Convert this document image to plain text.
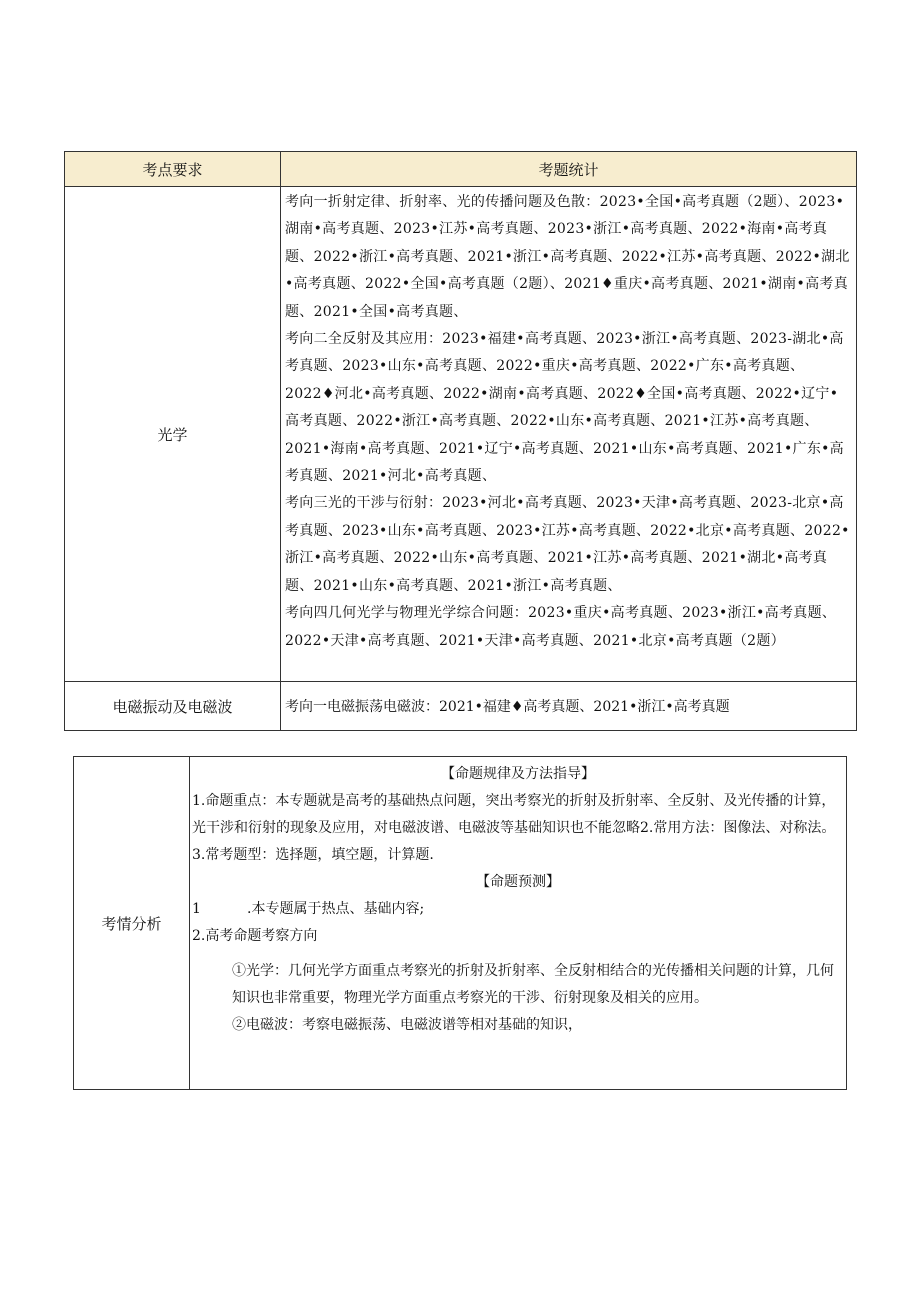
考点要求	考题统计
光学	考向一折射定律、折射率、光的传播问题及色散：2023•全国•高考真题（2题）、2023•湖南•高考真题、2023•江苏•高考真题、2023•浙江•高考真题、2022•海南•高考真题、2022•浙江•高考真题、2021•浙江•高考真题、2022•江苏•高考真题、2022•湖北•高考真题、2022•全国•高考真题（2题）、2021♦重庆•高考真题、2021•湖南•高考真题、2021•全国•高考真题、

考向二全反射及其应用：2023•福建•高考真题、2023•浙江•高考真题、2023-湖北•高考真题、2023•山东•高考真题、2022•重庆•高考真题、2022•广东•高考真题、2022♦河北•高考真题、2022•湖南•高考真题、2022♦全国•高考真题、2022•辽宁•高考真题、2022•浙江•高考真题、2022•山东•高考真题、2021•江苏•高考真题、2021•海南•高考真题、2021•辽宁•高考真题、2021•山东•高考真题、2021•广东•高考真题、2021•河北•高考真题、

考向三光的干涉与衍射：2023•河北•高考真题、2023•天津•高考真题、2023-北京•高考真题、2023•山东•高考真题、2023•江苏•高考真题、2022•北京•高考真题、2022•浙江•高考真题、2022•山东•高考真题、2021•江苏•高考真题、2021•湖北•高考真题、2021•山东•高考真题、2021•浙江•高考真题、

考向四几何光学与物理光学综合问题：2023•重庆•高考真题、2023•浙江•高考真题、2022•天津•高考真题、2021•天津•高考真题、2021•北京•高考真题（2题）

电磁振动及电磁波	考向一电磁振荡电磁波：2021•福建♦高考真题、2021•浙江•高考真题
考情分析	

【命题规律及方法指导】

1.命题重点：本专题就是高考的基础热点问题，突出考察光的折射及折射率、全反射、及光传播的计算，光干涉和衍射的现象及应用，对电磁波谱、电磁波等基础知识也不能忽略2.常用方法：图像法、对称法。

3.常考题型：选择题，填空题，计算题.

【命题预测】

1	.本专题属于热点、基础内容;

2.高考命题考察方向

①光学：几何光学方面重点考察光的折射及折射率、全反射相结合的光传播相关问题的计算，几何知识也非常重要，物理光学方面重点考察光的干涉、衍射现象及相关的应用。

②电磁波：考察电磁振荡、电磁波谱等相对基础的知识，
